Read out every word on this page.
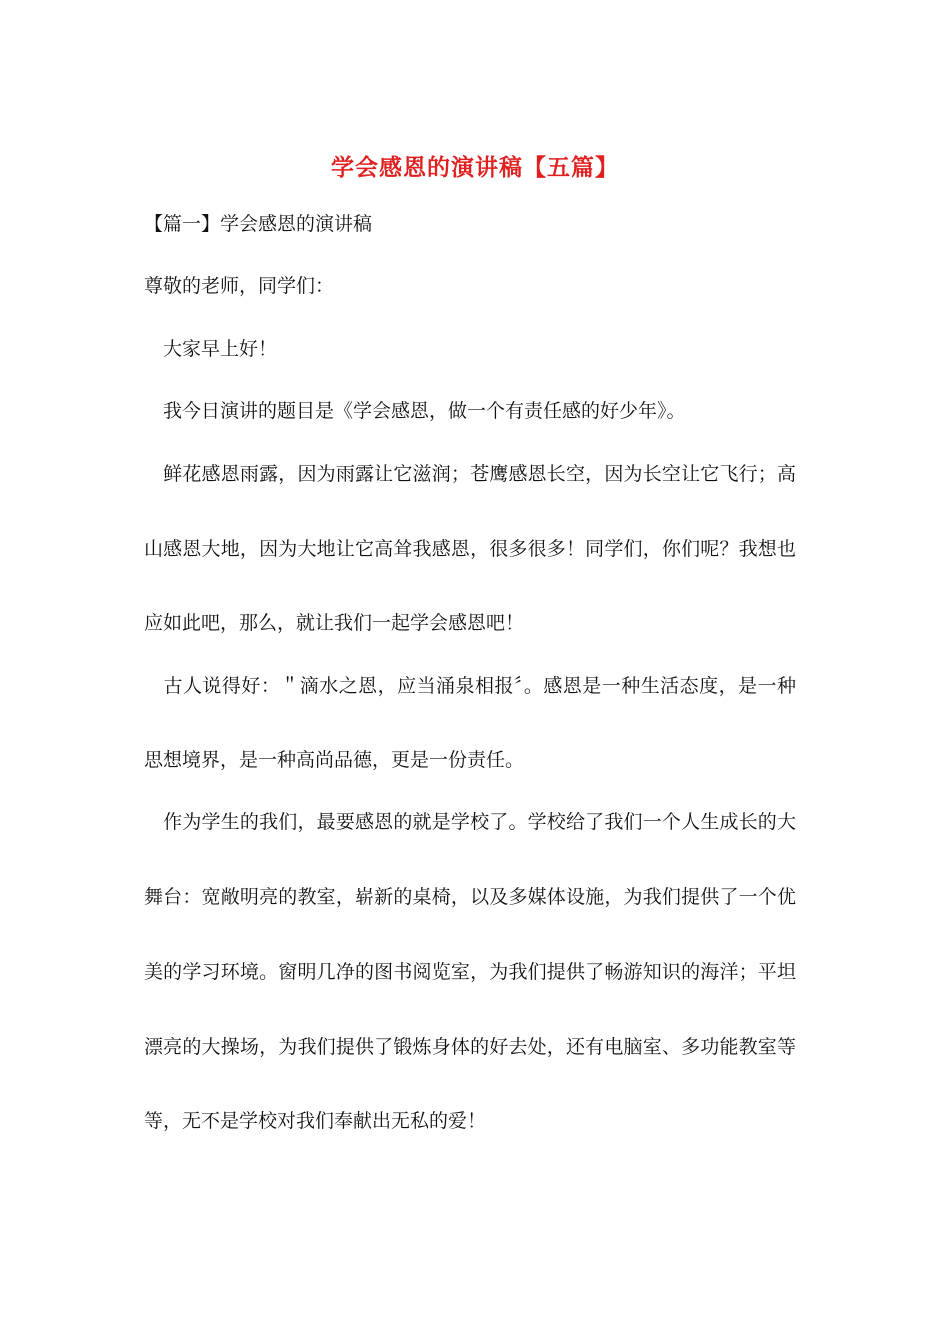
学会感恩的演讲稿【五篇】
【篇一】学会感恩的演讲稿
尊敬的老师，同学们：
　大家早上好！
　我今日演讲的题目是《学会感恩，做一个有责任感的好少年》。
　鲜花感恩雨露，因为雨露让它滋润；苍鹰感恩长空，因为长空让它飞行；高
山感恩大地，因为大地让它高耸我感恩，很多很多！同学们，你们呢？我想也
应如此吧，那么，就让我们一起学会感恩吧！
　古人说得好：＂滴水之恩，应当涌泉相报〞。感恩是一种生活态度，是一种
思想境界，是一种高尚品德，更是一份责任。
　作为学生的我们，最要感恩的就是学校了。学校给了我们一个人生成长的大
舞台：宽敞明亮的教室，崭新的桌椅，以及多媒体设施，为我们提供了一个优
美的学习环境。窗明几净的图书阅览室，为我们提供了畅游知识的海洋；平坦
漂亮的大操场，为我们提供了锻炼身体的好去处，还有电脑室、多功能教室等
等，无不是学校对我们奉献出无私的爱！
